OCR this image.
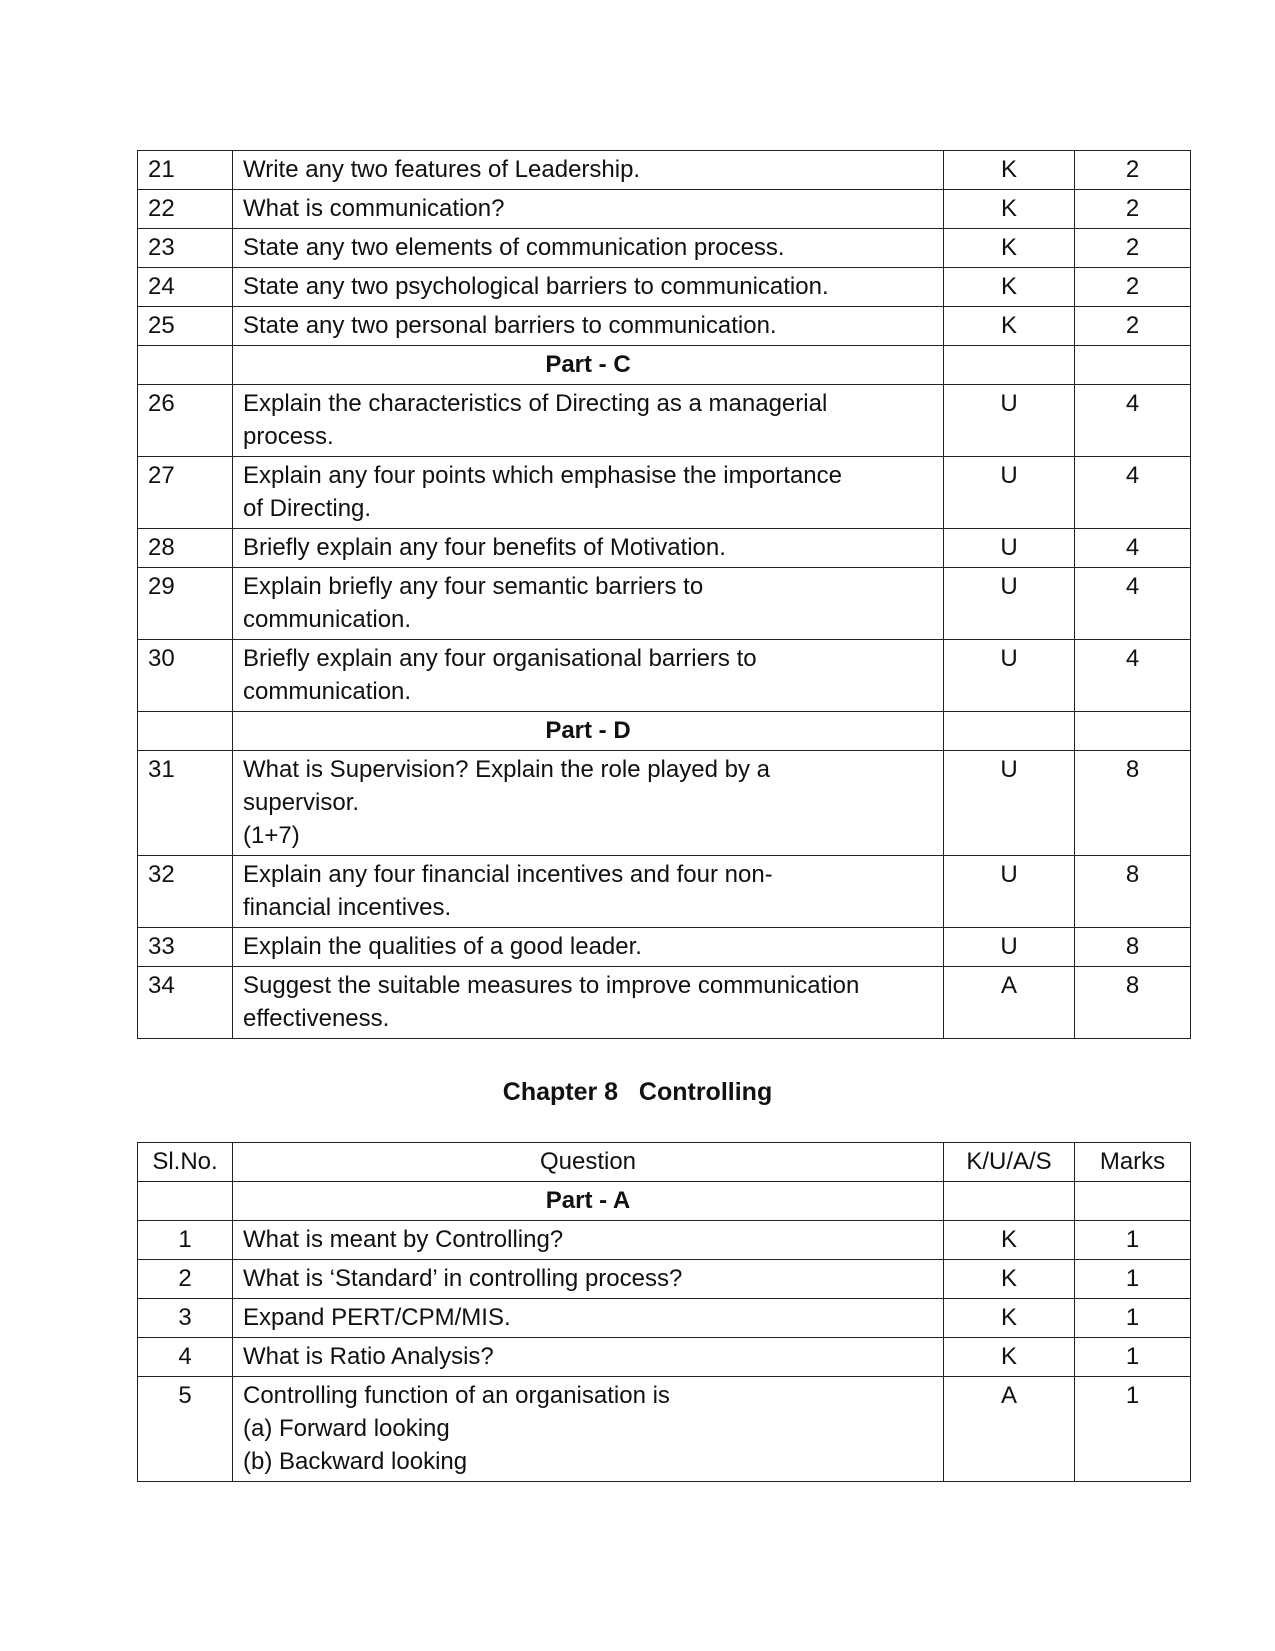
21	Write any two features of Leadership.	K	2
22	What is communication?	K	2
23	State any two elements of communication process.	K	2
24	State any two psychological barriers to communication.	K	2
25	State any two personal barriers to communication.	K	2
	Part - C		
26	Explain the characteristics of Directing as a managerial
process.	U	4
27	Explain any four points which emphasise the importance
of Directing.	U	4
28	Briefly explain any four benefits of Motivation.	U	4
29	Explain briefly any four semantic barriers to
communication.	U	4
30	Briefly explain any four organisational barriers to
communication.	U	4
	Part - D		
31	What is Supervision? Explain the role played by a
supervisor.
(1+7)	U	8
32	Explain any four financial incentives and four non-
financial incentives.	U	8
33	Explain the qualities of a good leader.	U	8
34	Suggest the suitable measures to improve communication
effectiveness.	A	8
Chapter 8   Controlling
Sl.No.	Question	K/U/A/S	Marks
	Part - A		
1	What is meant by Controlling?	K	1
2	What is ‘Standard’ in controlling process?	K	1
3	Expand PERT/CPM/MIS.	K	1
4	What is Ratio Analysis?	K	1
5	Controlling function of an organisation is
(a) Forward looking
(b) Backward looking	A	1
